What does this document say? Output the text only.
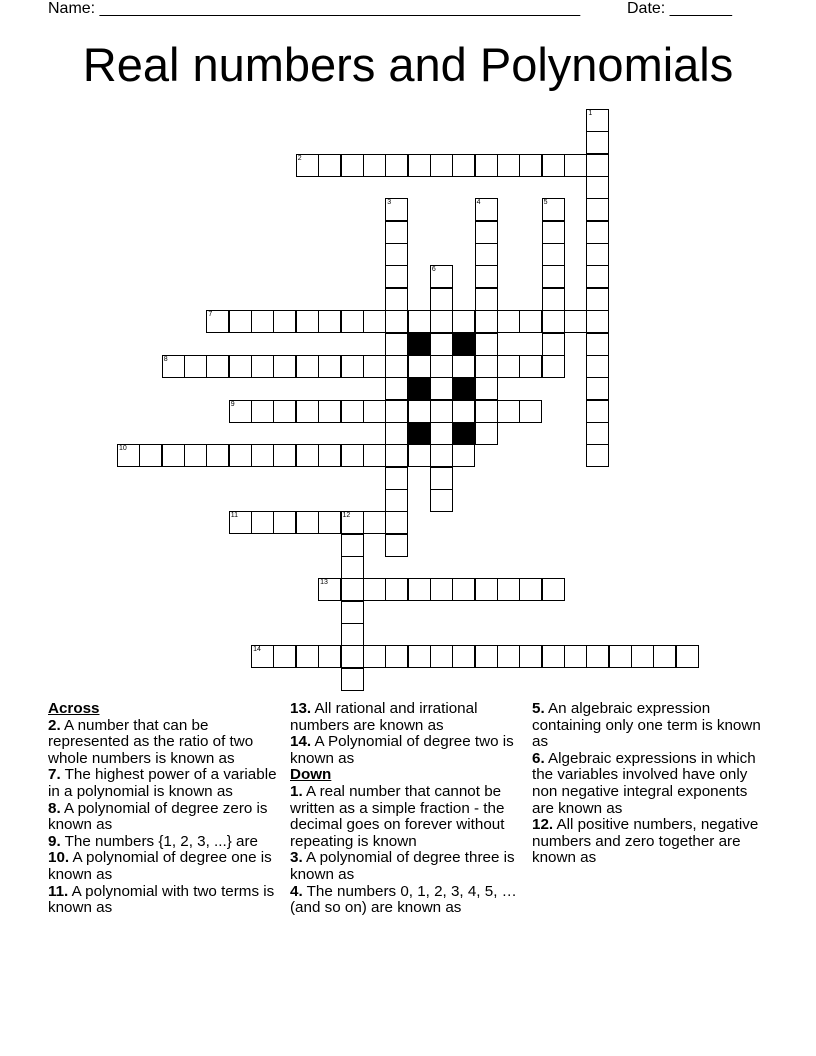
Name: ______________________________________________________	Date: _______
Real numbers and Polynomials
1
2
3	4	5
6
7
8
9
10
11	12
13
14

Across

2. A number that can be represented as the ratio of two whole numbers is known as

7. The highest power of a variable in a polynomial is known as

8. A polynomial of degree zero is known as

9. The numbers {1, 2, 3, ...} are

10. A polynomial of degree one is known as

11. A polynomial with two terms is known as

13. All rational and irrational numbers are known as

14. A Polynomial of degree two is known as

Down

1. A real number that cannot be written as a simple fraction - the decimal goes on forever without repeating is known

3. A polynomial of degree three is known as

4. The numbers 0, 1, 2, 3, 4, 5, … (and so on) are known as

5. An algebraic expression containing only one term is known as

6. Algebraic expressions in which the variables involved have only non negative integral exponents are known as

12. All positive numbers, negative numbers and zero together are known as
